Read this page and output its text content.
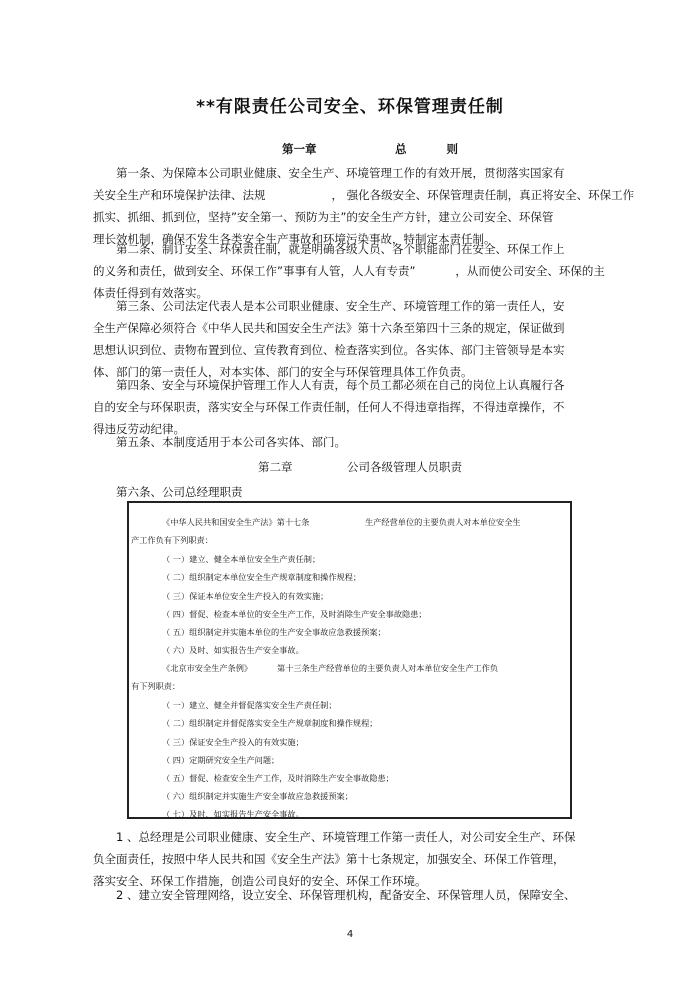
**有限责任公司安全、环保管理责任制
第一章	总          则
第一条、为保障本公司职业健康、安全生产、环境管理工作的有效开展，贯彻落实国家有
关安全生产和环境保护法律、法规	， 强化各级安全、环保管理责任制，真正将安全、环保工作
抓实、抓细、抓到位，坚持”安全第一、预防为主”的安全生产方针，建立公司安全、环保管
理长效机制，确保不发生各类安全生产事故和环境污染事故，特制定本责任制。
第二条、制订安全、环保责任制，就是明确各级人员、各个职能部门在安全、环保工作上
的义务和责任，做到安全、环保工作”事事有人管，人人有专责”	，从而使公司安全、环保的主
体责任得到有效落实。
第三条、公司法定代表人是本公司职业健康、安全生产、环境管理工作的第一责任人，安
全生产保障必须符合《中华人民共和国安全生产法》第十六条至第四十三条的规定，保证做到
思想认识到位、责物布置到位、宣传教育到位、检查落实到位。各实体、部门主管领导是本实
体、部门的第一责任人，对本实体、部门的安全与环保管理具体工作负责。
第四条、安全与环境保护管理工作人人有责，每个员工都必须在自己的岗位上认真履行各
自的安全与环保职责，落实安全与环保工作责任制，任何人不得违章指挥，不得违章操作，不
得违反劳动纪律。
第五条、本制度适用于本公司各实体、部门。
第二章	公司各级管理人员职责
第六条、公司总经理职责
《中华人民共和国安全生产法》第十七条	生产经营单位的主要负责人对本单位安全生
产工作负有下列职责：
（ 一）建立、健全本单位安全生产责任制；
（ 二）组织制定本单位安全生产规章制度和操作规程；
（ 三）保证本单位安全生产投入的有效实施；
（ 四）督促、检查本单位的安全生产工作，及时消除生产安全事故隐患；
（ 五）组织制定并实施本单位的生产安全事故应急救援预案；
（ 六）及时、如实报告生产安全事故。
《北京市安全生产条例》	第十三条生产经营单位的主要负责人对本单位安全生产工作负
有下列职责：
（ 一）建立、健全并督促落实安全生产责任制；
（ 二）组织制定并督促落实安全生产规章制度和操作规程；
（ 三）保证安全生产投入的有效实施；
（ 四）定期研究安全生产问题；
（ 五）督促、检查安全生产工作，及时消除生产安全事故隐患；
（ 六）组织制定并实施生产安全事故应急救援预案；
（ 七）及时、如实报告生产安全事故。
1 、总经理是公司职业健康、安全生产、环境管理工作第一责任人，对公司安全生产、环保
负全面责任，按照中华人民共和国《安全生产法》第十七条规定，加强安全、环保工作管理，
落实安全、环保工作措施，创造公司良好的安全、环保工作环境。
2 、建立安全管理网络，设立安全、环保管理机构，配备安全、环保管理人员，保障安全、
4
